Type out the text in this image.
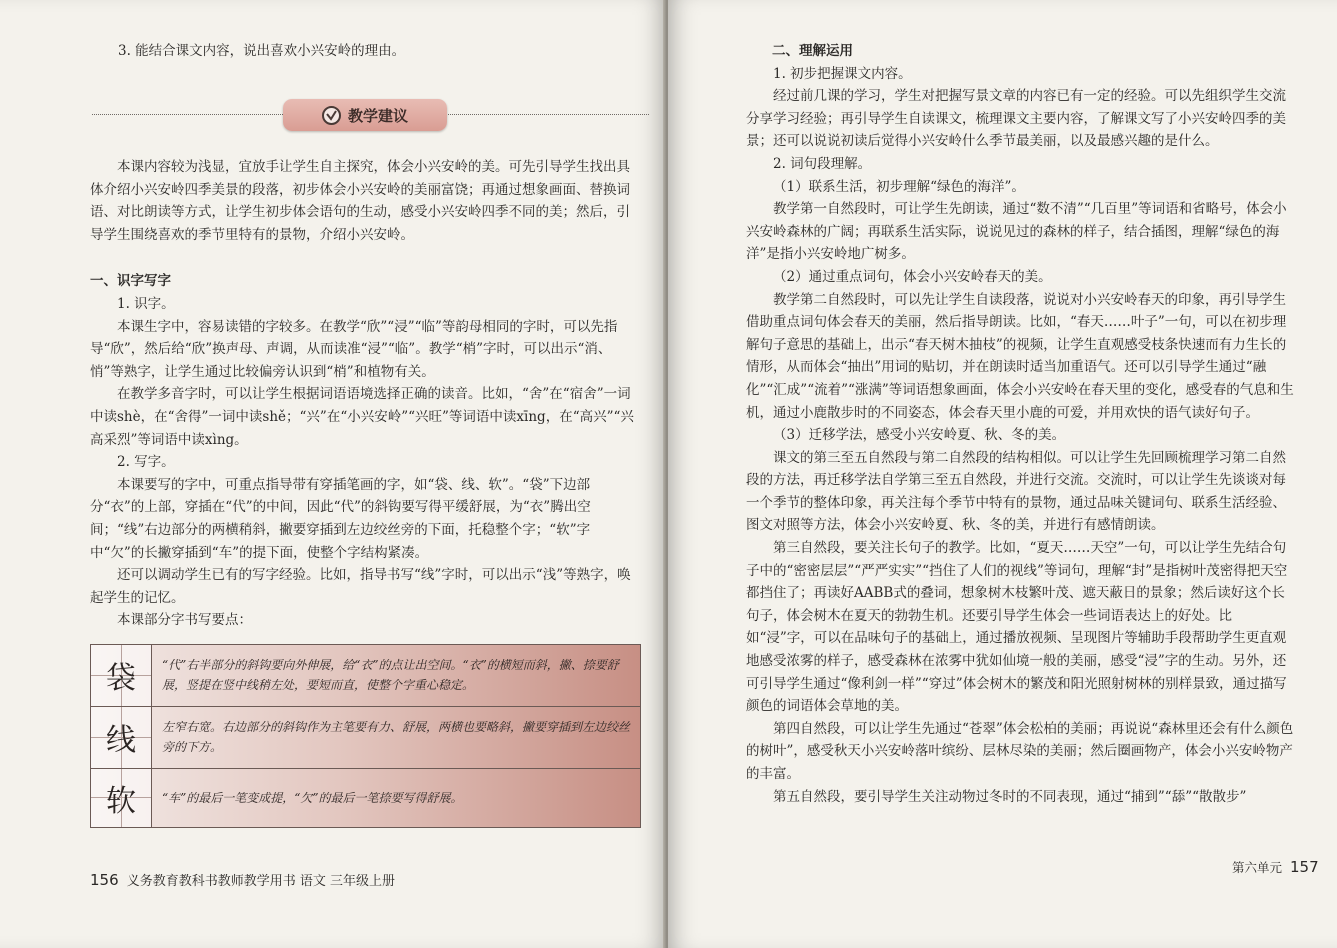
3. 能结合课文内容，说出喜欢小兴安岭的理由。

教学建议

本课内容较为浅显，宜放手让学生自主探究，体会小兴安岭的美。可先引导学生找出具体介绍小兴安岭四季美景的段落，初步体会小兴安岭的美丽富饶；再通过想象画面、替换词语、对比朗读等方式，让学生初步体会语句的生动，感受小兴安岭四季不同的美；然后，引导学生围绕喜欢的季节里特有的景物，介绍小兴安岭。

一、识字写字

1. 识字。

本课生字中，容易读错的字较多。在教学“欣”“浸”“临”等韵母相同的字时，可以先指导“欣”，然后给“欣”换声母、声调，从而读准“浸”“临”。教学“梢”字时，可以出示“消、悄”等熟字，让学生通过比较偏旁认识到“梢”和植物有关。

在教学多音字时，可以让学生根据词语语境选择正确的读音。比如，“舍”在“宿舍”一词中读shè，在“舍得”一词中读shě；“兴”在“小兴安岭”“兴旺”等词语中读xīng，在“高兴”“兴高采烈”等词语中读xìng。

2. 写字。

本课要写的字中，可重点指导带有穿插笔画的字，如“袋、线、软”。“袋”下边部分“衣”的上部，穿插在“代”的中间，因此“代”的斜钩要写得平缓舒展，为“衣”腾出空间；“线”右边部分的两横稍斜，撇要穿插到左边绞丝旁的下面，托稳整个字；“软”字中“欠”的长撇穿插到“车”的提下面，使整个字结构紧凑。

还可以调动学生已有的写字经验。比如，指导书写“线”字时，可以出示“浅”等熟字，唤起学生的记忆。

本课部分字书写要点：

袋	“代”右半部分的斜钩要向外伸展，给“衣”的点让出空间。“衣”的横短而斜，撇、捺要舒展，竖提在竖中线稍左处，要短而直，使整个字重心稳定。
线	左窄右宽。右边部分的斜钩作为主笔要有力、舒展，两横也要略斜，撇要穿插到左边绞丝旁的下方。
软	“车”的最后一笔变成提，“欠”的最后一笔捺要写得舒展。
156 义务教育教科书教师教学用书 语文 三年级上册

二、理解运用

1. 初步把握课文内容。

经过前几课的学习，学生对把握写景文章的内容已有一定的经验。可以先组织学生交流分享学习经验；再引导学生自读课文，梳理课文主要内容，了解课文写了小兴安岭四季的美景；还可以说说初读后觉得小兴安岭什么季节最美丽，以及最感兴趣的是什么。

2. 词句段理解。

（1）联系生活，初步理解“绿色的海洋”。

教学第一自然段时，可让学生先朗读，通过“数不清”“几百里”等词语和省略号，体会小兴安岭森林的广阔；再联系生活实际，说说见过的森林的样子，结合插图，理解“绿色的海洋”是指小兴安岭地广树多。

（2）通过重点词句，体会小兴安岭春天的美。

教学第二自然段时，可以先让学生自读段落，说说对小兴安岭春天的印象，再引导学生借助重点词句体会春天的美丽，然后指导朗读。比如，“春天……叶子”一句，可以在初步理解句子意思的基础上，出示“春天树木抽枝”的视频，让学生直观感受枝条快速而有力生长的情形，从而体会“抽出”用词的贴切，并在朗读时适当加重语气。还可以引导学生通过“融化”“汇成”“流着”“涨满”等词语想象画面，体会小兴安岭在春天里的变化，感受春的气息和生机，通过小鹿散步时的不同姿态，体会春天里小鹿的可爱，并用欢快的语气读好句子。

（3）迁移学法，感受小兴安岭夏、秋、冬的美。

课文的第三至五自然段与第二自然段的结构相似。可以让学生先回顾梳理学习第二自然段的方法，再迁移学法自学第三至五自然段，并进行交流。交流时，可以让学生先谈谈对每一个季节的整体印象，再关注每个季节中特有的景物，通过品味关键词句、联系生活经验、图文对照等方法，体会小兴安岭夏、秋、冬的美，并进行有感情朗读。

第三自然段，要关注长句子的教学。比如，“夏天……天空”一句，可以让学生先结合句子中的“密密层层”“严严实实”“挡住了人们的视线”等词句，理解“封”是指树叶茂密得把天空都挡住了；再读好AABB式的叠词，想象树木枝繁叶茂、遮天蔽日的景象；然后读好这个长句子，体会树木在夏天的勃勃生机。还要引导学生体会一些词语表达上的好处。比如“浸”字，可以在品味句子的基础上，通过播放视频、呈现图片等辅助手段帮助学生更直观地感受浓雾的样子，感受森林在浓雾中犹如仙境一般的美丽，感受“浸”字的生动。另外，还可引导学生通过“像利剑一样”“穿过”体会树木的繁茂和阳光照射树林的别样景致，通过描写颜色的词语体会草地的美。

第四自然段，可以让学生先通过“苍翠”体会松柏的美丽；再说说“森林里还会有什么颜色的树叶”，感受秋天小兴安岭落叶缤纷、层林尽染的美丽；然后圈画物产，体会小兴安岭物产的丰富。

第五自然段，要引导学生关注动物过冬时的不同表现，通过“捕到”“舔”“散散步”

第六单元 157
